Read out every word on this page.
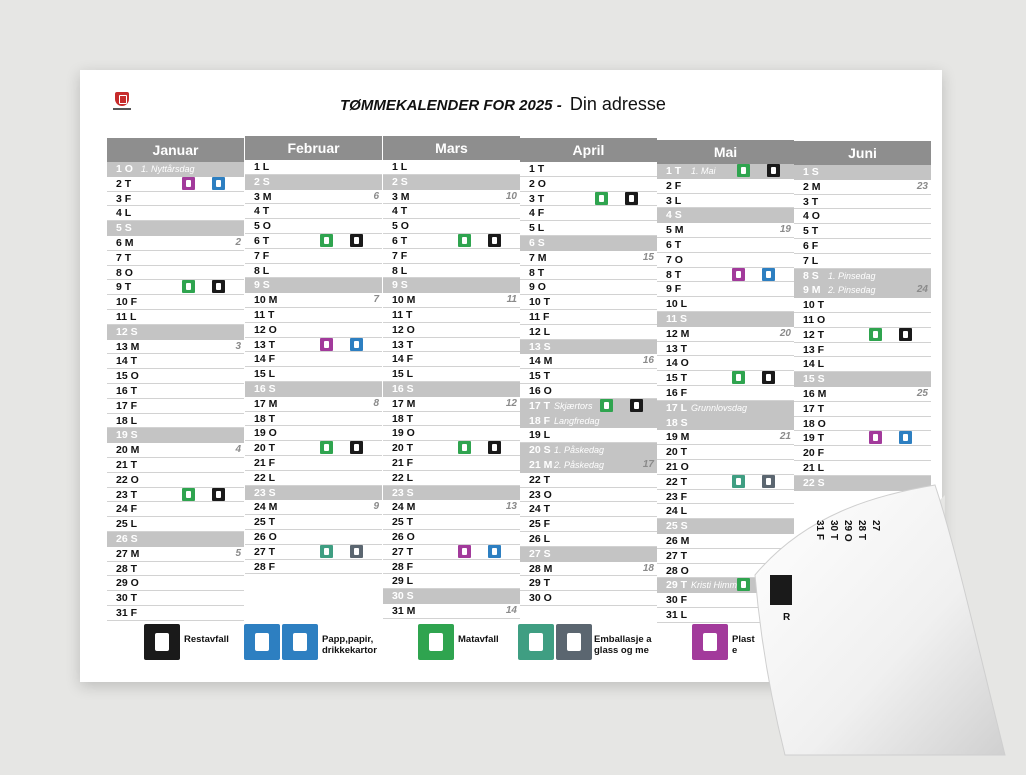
TØMMEKALENDER FOR 2025 - Din adresse
Januar
1 O 1. Nyttårsdag
2 T
3 F
4 L
5 S
6 M	2
7 T
8 O
9 T
10 F
11 L
12 S
13 M	3
14 T
15 O
16 T
17 F
18 L
19 S
20 M	4
21 T
22 O
23 T
24 F
25 L
26 S
27 M	5
28 T
29 O
30 T
31 F
Februar
1 L
2 S
3 M	6
4 T
5 O
6 T
7 F
8 L
9 S
10 M	7
11 T
12 O
13 T
14 F
15 L
16 S
17 M	8
18 T
19 O
20 T
21 F
22 L
23 S
24 M	9
25 T
26 O
27 T
28 F
Mars
1 L
2 S
3 M	10
4 T
5 O
6 T
7 F
8 L
9 S
10 M	11
11 T
12 O
13 T
14 F
15 L
16 S
17 M	12
18 T
19 O
20 T
21 F
22 L
23 S
24 M	13
25 T
26 O
27 T
28 F
29 L
30 S
31 M	14
April
1 T
2 O
3 T
4 F
5 L
6 S
7 M	15
8 T
9 O
10 T
11 F
12 L
13 S
14 M	16
15 T
16 O
17 T Skjærtors
18 F Langfredag
19 L
20 S 1. Påskedag
21 M 2. Påskedag	17
22 T
23 O
24 T
25 F
26 L
27 S
28 M	18
29 T
30 O
Mai
1 T 1. Mai
2 F
3 L
4 S
5 M	19
6 T
7 O
8 T
9 F
10 L
11 S
12 M	20
13 T
14 O
15 T
16 F
17 L Grunnlovsdag
18 S
19 M	21
20 T
21 O
22 T
23 F
24 L
25 S
26 M
27 T
28 O
29 T Kristi Himm
30 F
31 L
Juni
1 S
2 M	23
3 T
4 O
5 T
6 F
7 L
8 S 1. Pinsedag
9 M 2. Pinsedag	24
10 T
11 O
12 T
13 F
14 L
15 S
16 M	25
17 T
18 O
19 T
20 F
21 L
22 S
Restavfall	Papp,papir,
drikkekartor
Matavfall	Emballasje a
glass og me
Plast
e
31 F 30 T 29 O 28 T 27
R
